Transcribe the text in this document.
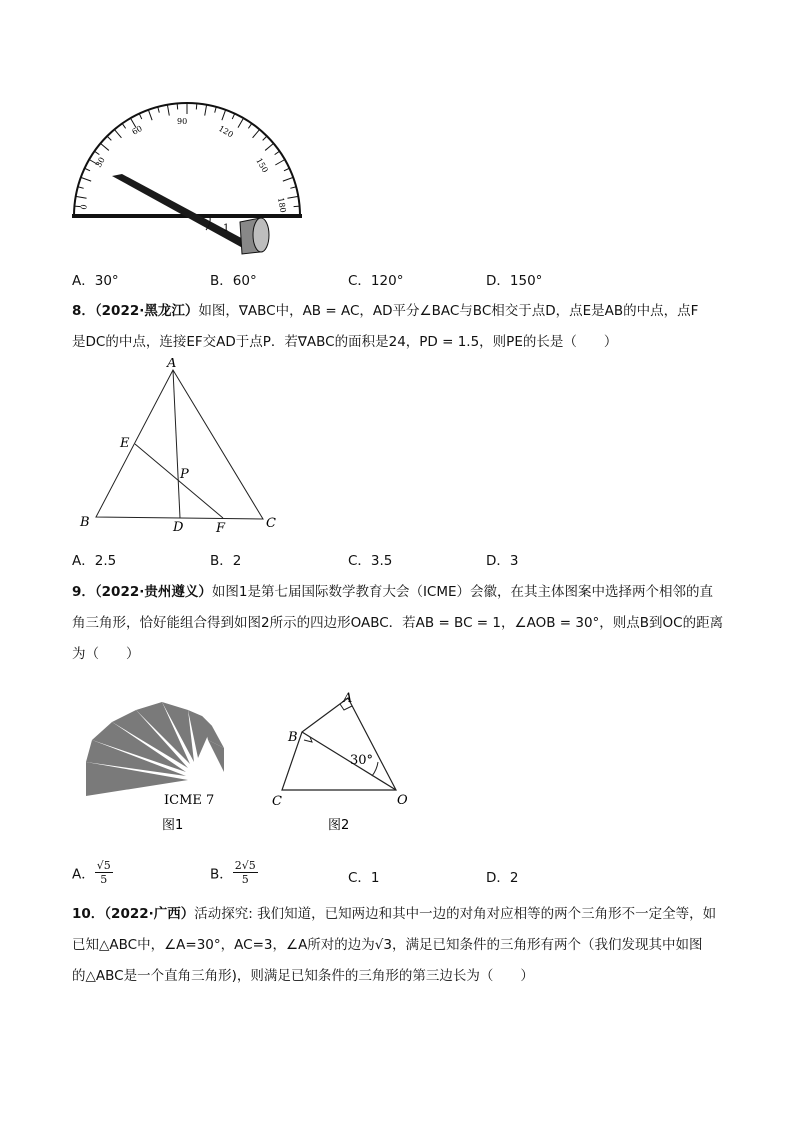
1
0
30
60
90
120
150
180
A．30°	B．60°	C．120°	D．150°
8．（2022·黑龙江）如图，∇ABC中，AB = AC，AD平分∠BAC与BC相交于点D，点E是AB的中点，点F
是DC的中点，连接EF交AD于点P．若∇ABC的面积是24，PD = 1.5，则PE的长是（　　）
A
E
P
B	D	F	C
A．2.5	B．2	C．3.5	D．3
9．（2022·贵州遵义）如图1是第七届国际数学教育大会（ICME）会徽，在其主体图案中选择两个相邻的直
角三角形，恰好能组合得到如图2所示的四边形OABC．若AB = BC = 1，∠AOB = 30°，则点B到OC的距离
为（　　）
ICME 7
图1
30°
A
B
C	O
图2
A． $\frac{√5}{5}$	B． $\frac{2√5}{5}$	C．1	D．2
10．（2022·广西）活动探究: 我们知道，已知两边和其中一边的对角对应相等的两个三角形不一定全等，如
已知△ABC中，∠A=30°，AC=3，∠A所对的边为√3，满足已知条件的三角形有两个（我们发现其中如图
的△ABC是一个直角三角形)，则满足已知条件的三角形的第三边长为（　　）
